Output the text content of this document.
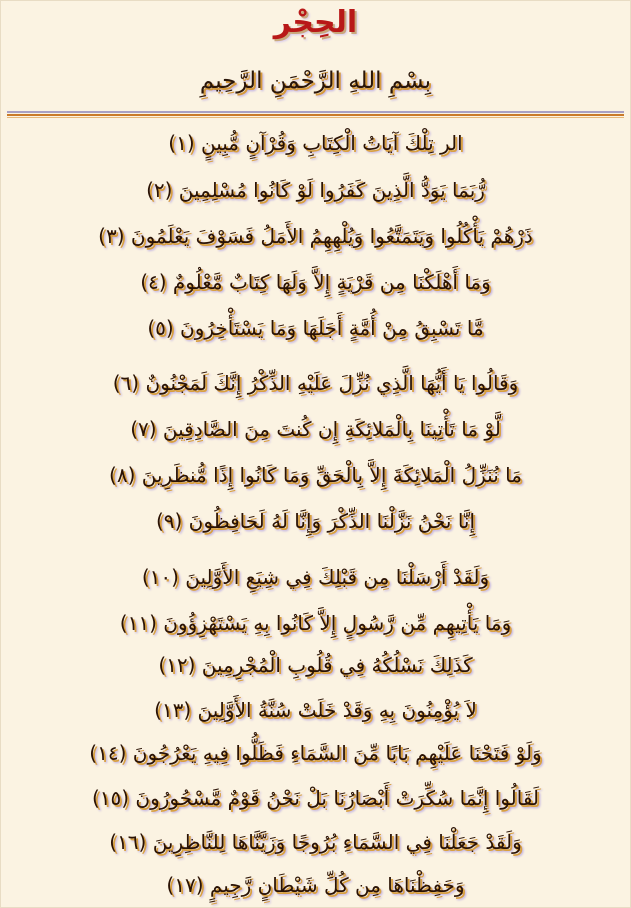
الحِجْر
بِسْمِ اللهِ الرَّحْمَنِ الرَّحِيمِ
الر تِلْكَ آيَاتُ الْكِتَابِ وَقُرْآنٍ مُّبِينٍ (١)
رُّبَمَا يَوَدُّ الَّذِينَ كَفَرُوا لَوْ كَانُوا مُسْلِمِينَ (٢)
ذَرْهُمْ يَأْكُلُوا وَيَتَمَتَّعُوا وَيُلْهِهِمُ الأَمَلُ فَسَوْفَ يَعْلَمُونَ (٣)
وَمَا أَهْلَكْنَا مِن قَرْيَةٍ إِلاَّ وَلَهَا كِتَابٌ مَّعْلُومٌ (٤)
مَّا تَسْبِقُ مِنْ أُمَّةٍ أَجَلَهَا وَمَا يَسْتَأْخِرُونَ (٥)
وَقَالُوا يَا أَيُّهَا الَّذِي نُزِّلَ عَلَيْهِ الذِّكْرُ إِنَّكَ لَمَجْنُونٌ (٦)
لَّوْ مَا تَأْتِينَا بِالْمَلائِكَةِ إِن كُنتَ مِنَ الصَّادِقِينَ (٧)
مَا نُنَزِّلُ الْمَلائِكَةَ إِلاَّ بِالْحَقِّ وَمَا كَانُوا إِذًا مُّنظَرِينَ (٨)
إِنَّا نَحْنُ نَزَّلْنَا الذِّكْرَ وَإِنَّا لَهُ لَحَافِظُونَ (٩)
وَلَقَدْ أَرْسَلْنَا مِن قَبْلِكَ فِي شِيَعِ الأَوَّلِينَ (١٠)
وَمَا يَأْتِيهِم مِّن رَّسُولٍ إِلاَّ كَانُوا بِهِ يَسْتَهْزِؤُونَ (١١)
كَذَلِكَ نَسْلُكُهُ فِي قُلُوبِ الْمُجْرِمِينَ (١٢)
لاَ يُؤْمِنُونَ بِهِ وَقَدْ خَلَتْ سُنَّةُ الأَوَّلِينَ (١٣)
وَلَوْ فَتَحْنَا عَلَيْهِم بَابًا مِّنَ السَّمَاءِ فَظَلُّوا فِيهِ يَعْرُجُونَ (١٤)
لَقَالُوا إِنَّمَا سُكِّرَتْ أَبْصَارُنَا بَلْ نَحْنُ قَوْمٌ مَّسْحُورُونَ (١٥)
وَلَقَدْ جَعَلْنَا فِي السَّمَاءِ بُرُوجًا وَزَيَّنَّاهَا لِلنَّاظِرِينَ (١٦)
وَحَفِظْنَاهَا مِن كُلِّ شَيْطَانٍ رَّجِيمٍ (١٧)
